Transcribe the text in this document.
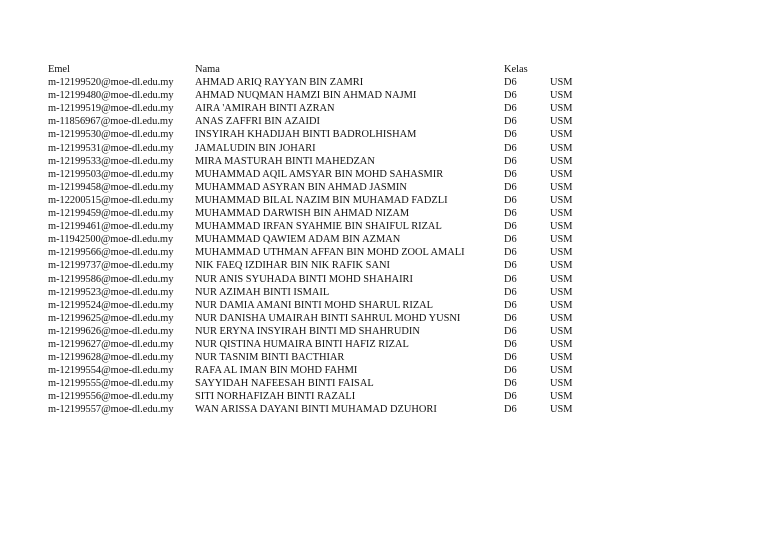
Emel	Nama	Kelas	
m-12199520@moe-dl.edu.my	AHMAD ARIQ RAYYAN BIN ZAMRI	D6	USM
m-12199480@moe-dl.edu.my	AHMAD NUQMAN HAMZI BIN AHMAD NAJMI	D6	USM
m-12199519@moe-dl.edu.my	AIRA 'AMIRAH BINTI AZRAN	D6	USM
m-11856967@moe-dl.edu.my	ANAS ZAFFRI BIN AZAIDI	D6	USM
m-12199530@moe-dl.edu.my	INSYIRAH KHADIJAH BINTI BADROLHISHAM	D6	USM
m-12199531@moe-dl.edu.my	JAMALUDIN BIN JOHARI	D6	USM
m-12199533@moe-dl.edu.my	MIRA MASTURAH BINTI MAHEDZAN	D6	USM
m-12199503@moe-dl.edu.my	MUHAMMAD AQIL AMSYAR BIN MOHD SAHASMIR	D6	USM
m-12199458@moe-dl.edu.my	MUHAMMAD ASYRAN BIN AHMAD JASMIN	D6	USM
m-12200515@moe-dl.edu.my	MUHAMMAD BILAL NAZIM BIN MUHAMAD FADZLI	D6	USM
m-12199459@moe-dl.edu.my	MUHAMMAD DARWISH BIN AHMAD NIZAM	D6	USM
m-12199461@moe-dl.edu.my	MUHAMMAD IRFAN SYAHMIE BIN SHAIFUL RIZAL	D6	USM
m-11942500@moe-dl.edu.my	MUHAMMAD QAWIEM ADAM BIN AZMAN	D6	USM
m-12199566@moe-dl.edu.my	MUHAMMAD UTHMAN AFFAN BIN MOHD ZOOL AMALI	D6	USM
m-12199737@moe-dl.edu.my	NIK FAEQ IZDIHAR BIN NIK RAFIK SANI	D6	USM
m-12199586@moe-dl.edu.my	NUR ANIS SYUHADA BINTI MOHD SHAHAIRI	D6	USM
m-12199523@moe-dl.edu.my	NUR AZIMAH BINTI ISMAIL	D6	USM
m-12199524@moe-dl.edu.my	NUR DAMIA AMANI BINTI MOHD SHARUL RIZAL	D6	USM
m-12199625@moe-dl.edu.my	NUR DANISHA UMAIRAH BINTI SAHRUL MOHD YUSNI	D6	USM
m-12199626@moe-dl.edu.my	NUR ERYNA INSYIRAH BINTI MD SHAHRUDIN	D6	USM
m-12199627@moe-dl.edu.my	NUR QISTINA HUMAIRA BINTI HAFIZ RIZAL	D6	USM
m-12199628@moe-dl.edu.my	NUR TASNIM BINTI BACTHIAR	D6	USM
m-12199554@moe-dl.edu.my	RAFA AL IMAN BIN MOHD FAHMI	D6	USM
m-12199555@moe-dl.edu.my	SAYYIDAH NAFEESAH BINTI FAISAL	D6	USM
m-12199556@moe-dl.edu.my	SITI NORHAFIZAH BINTI RAZALI	D6	USM
m-12199557@moe-dl.edu.my	WAN ARISSA DAYANI BINTI MUHAMAD DZUHORI	D6	USM
